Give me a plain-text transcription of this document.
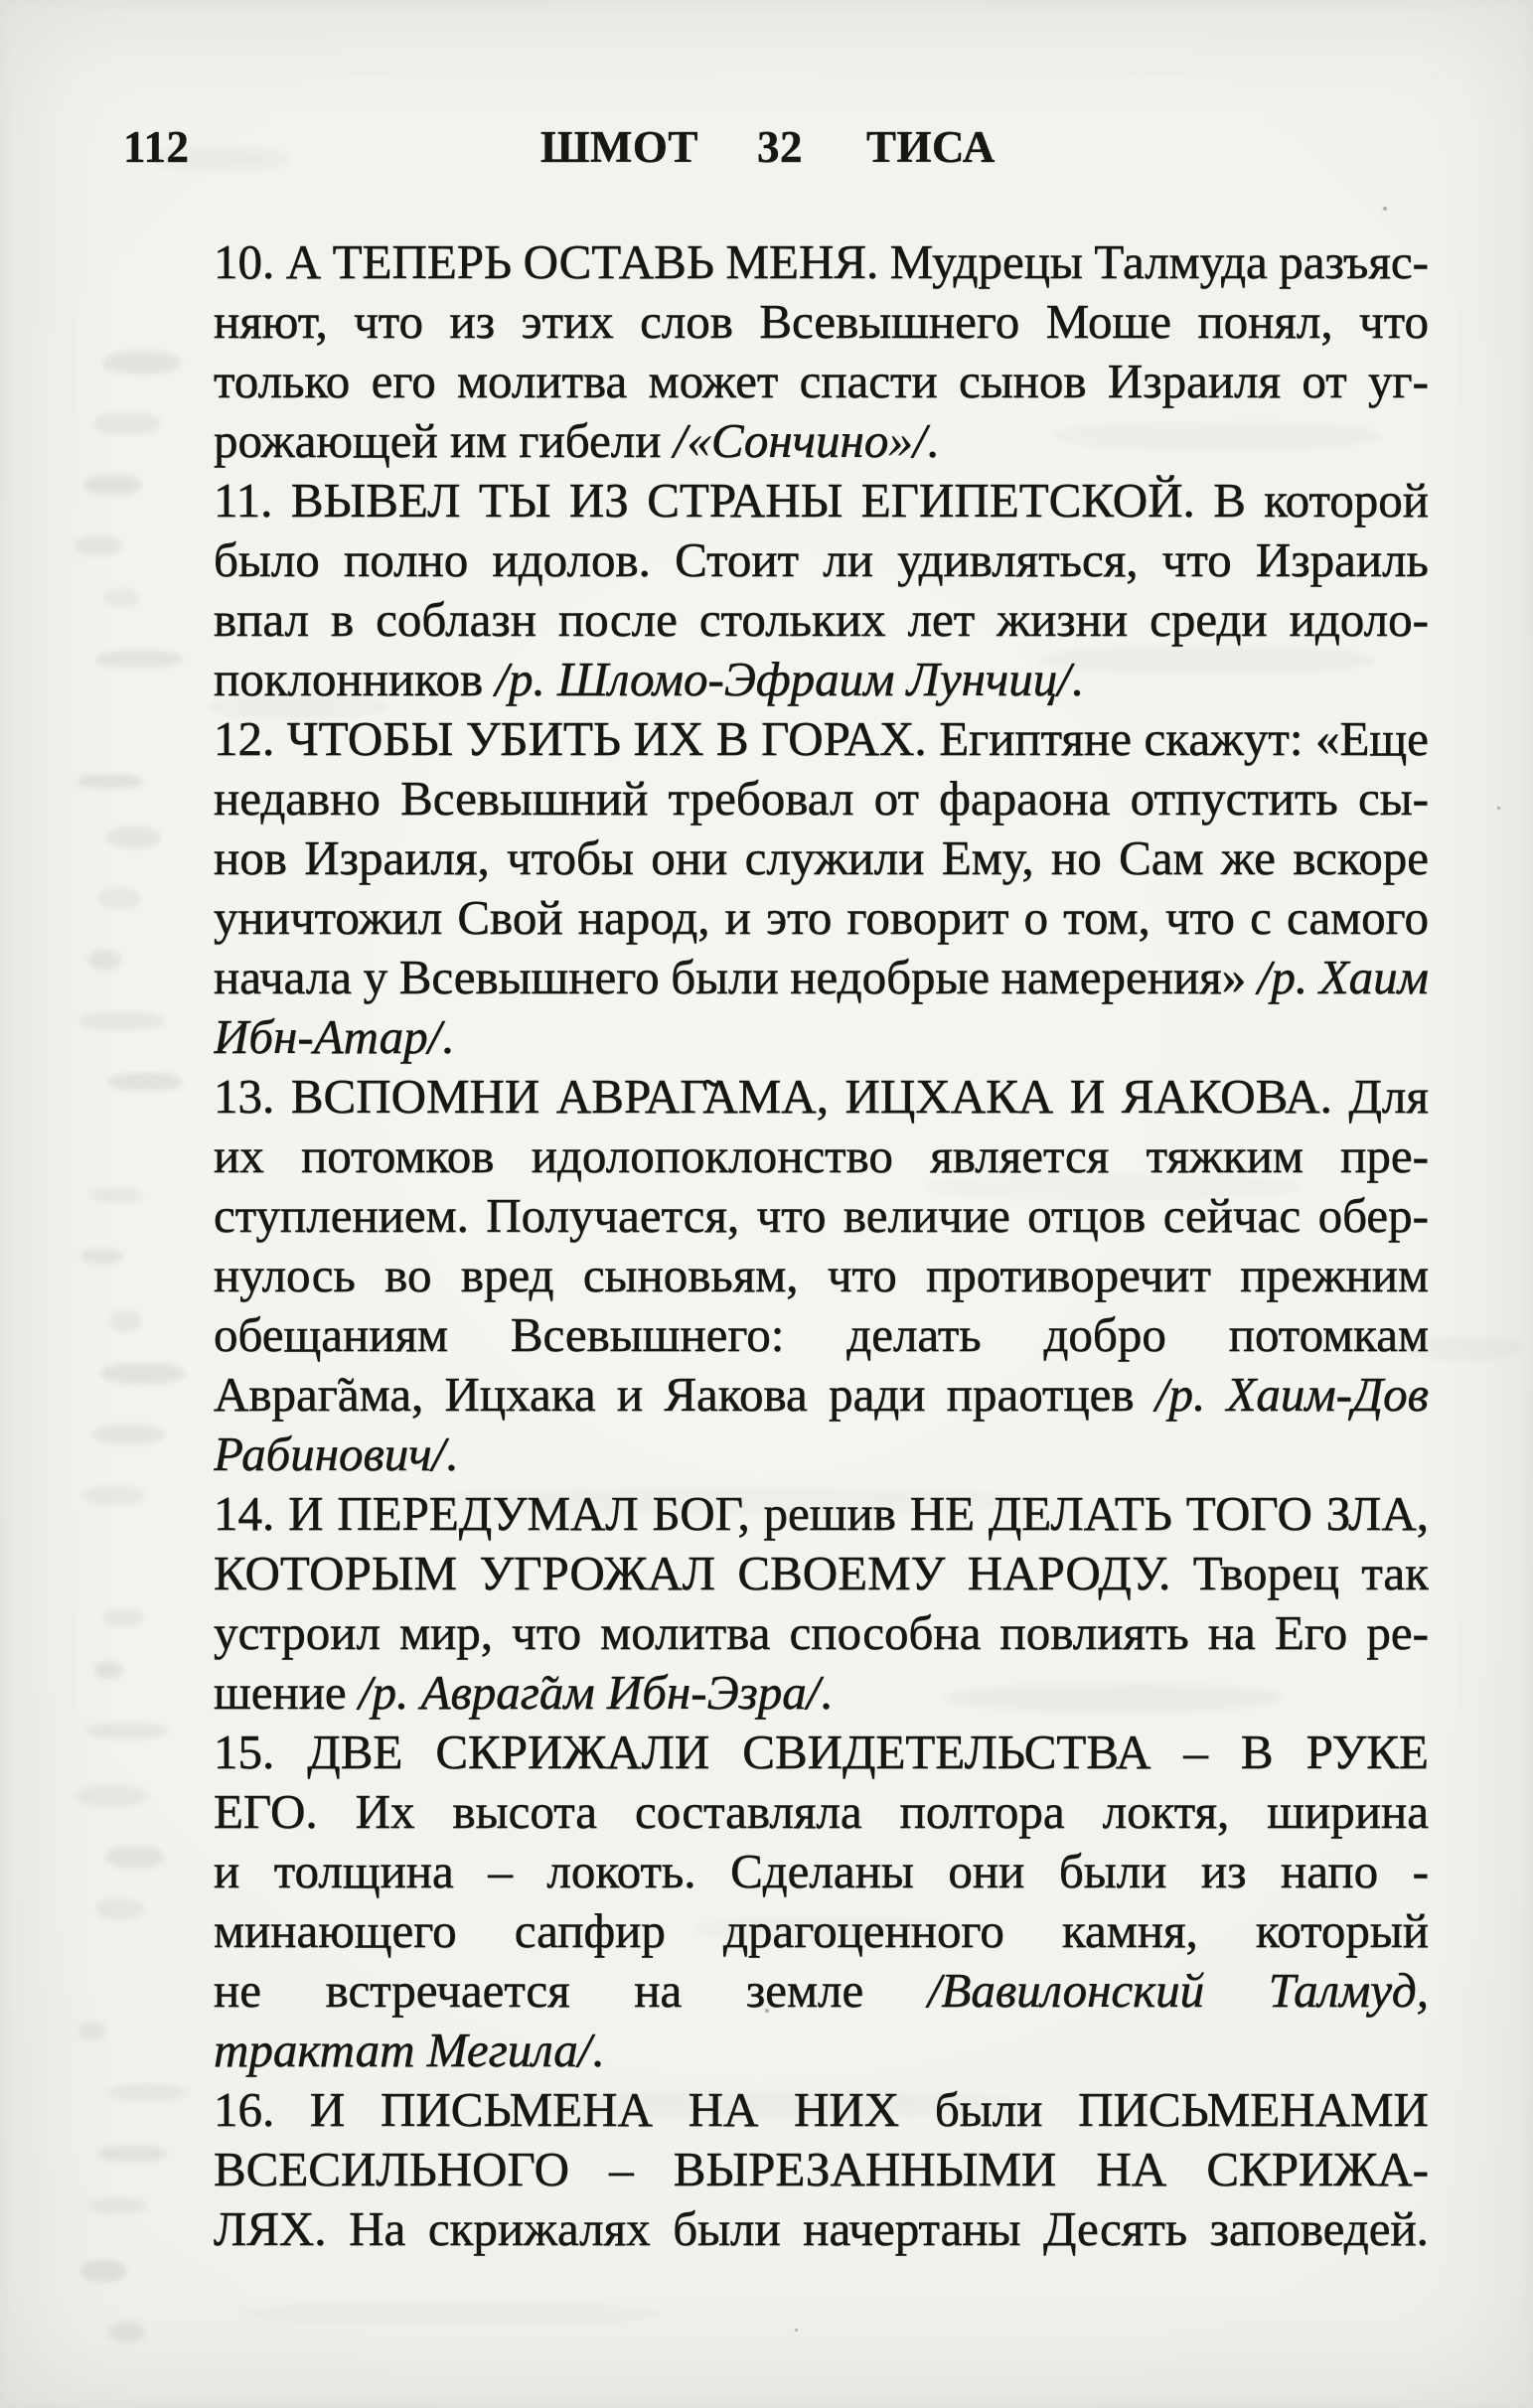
112	ШМОТ 32 ТИСА
10. А ТЕПЕРЬ ОСТАВЬ МЕНЯ. Мудрецы Талмуда разъяс-
няют, что из этих слов Всевышнего Моше понял, что
только его молитва может спасти сынов Израиля от уг-
рожающей им гибели /«Сончино»/.
11. ВЫВЕЛ ТЫ ИЗ СТРАНЫ ЕГИПЕТСКОЙ. В которой
было полно идолов. Стоит ли удивляться, что Израиль
впал в соблазн после стольких лет жизни среди идоло-
поклонников /р. Шломо-Эфраим Лунчиц/.
12. ЧТОБЫ УБИТЬ ИХ В ГОРАХ. Египтяне скажут: «Еще
недавно Всевышний требовал от фараона отпустить сы-
нов Израиля, чтобы они служили Ему, но Сам же вскоре
уничтожил Свой народ, и это говорит о том, что с самого
начала у Всевышнего были недобрые намерения» /р. Хаим
Ибн-Атар/.
13. ВСПОМНИ АВРАГ̃АМА, ИЦХАКА И ЯАКОВА. Для
их потомков идолопоклонство является тяжким пре-
ступлением. Получается, что величие отцов сейчас обер-
нулось во вред сыновьям, что противоречит прежним
обещаниям Всевышнего: делать добро потомкам
Авраг̃ама, Ицхака и Яакова ради праотцев /р. Хаим-Дов
Рабинович/.
14. И ПЕРЕДУМАЛ БОГ, решив НЕ ДЕЛАТЬ ТОГО ЗЛА,
КОТОРЫМ УГРОЖАЛ СВОЕМУ НАРОДУ. Творец так
устроил мир, что молитва способна повлиять на Его ре-
шение /р. Авраг̃ам Ибн-Эзра/.
15. ДВЕ СКРИЖАЛИ СВИДЕТЕЛЬСТВА – В РУКЕ
ЕГО. Их высота составляла полтора локтя, ширина
и толщина – локоть. Сделаны они были из напо -
минающего сапфир драгоценного камня, который
не встречается на земле /Вавилонский Талмуд,
трактат Мегила/.
16. И ПИСЬМЕНА НА НИХ были ПИСЬМЕНАМИ
ВСЕСИЛЬНОГО – ВЫРЕЗАННЫМИ НА СКРИЖА-
ЛЯХ. На скрижалях были начертаны Десять заповедей.
